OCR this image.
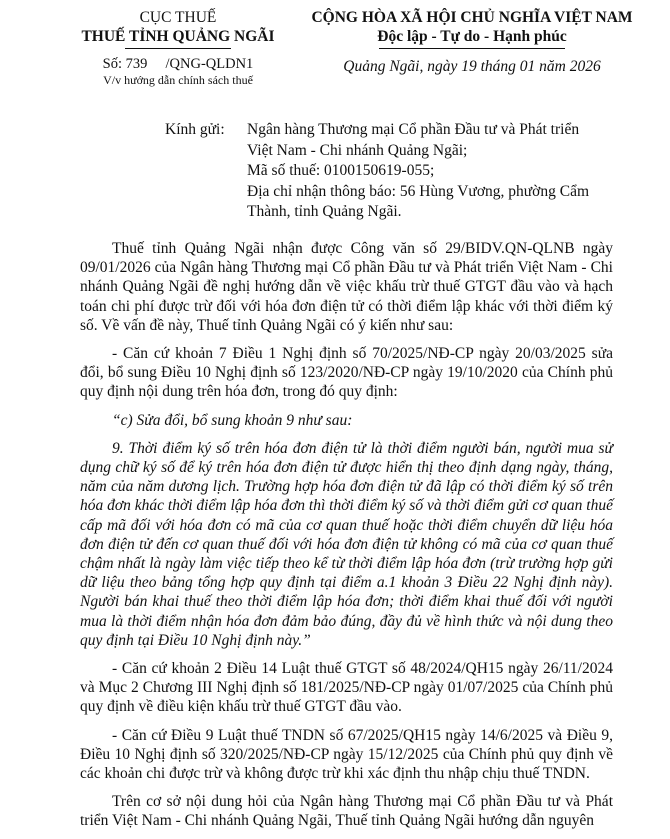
CỤC THUẾ
THUẾ TỈNH QUẢNG NGÃI
Số: 739     /QNG-QLDN1
V/v hướng dẫn chính sách thuế
CỘNG HÒA XÃ HỘI CHỦ NGHĨA VIỆT NAM
Độc lập - Tự do - Hạnh phúc
Quảng Ngãi, ngày 19 tháng 01 năm 2026
Kính gửi: Ngân hàng Thương mại Cổ phần Đầu tư và Phát triển
Việt Nam - Chi nhánh Quảng Ngãi;
Mã số thuế: 0100150619-055;
Địa chỉ nhận thông báo: 56 Hùng Vương, phường Cẩm
Thành, tỉnh Quảng Ngãi.

Thuế tỉnh Quảng Ngãi nhận được Công văn số 29/BIDV.QN-QLNB ngày 09/01/2026 của Ngân hàng Thương mại Cổ phần Đầu tư và Phát triển Việt Nam - Chi nhánh Quảng Ngãi đề nghị hướng dẫn về việc khấu trừ thuế GTGT đầu vào và hạch toán chi phí được trừ đối với hóa đơn điện tử có thời điểm lập khác với thời điểm ký số. Về vấn đề này, Thuế tỉnh Quảng Ngãi có ý kiến như sau:

- Căn cứ khoản 7 Điều 1 Nghị định số 70/2025/NĐ-CP ngày 20/03/2025 sửa đổi, bổ sung Điều 10 Nghị định số 123/2020/NĐ-CP ngày 19/10/2020 của Chính phủ quy định nội dung trên hóa đơn, trong đó quy định:

“c) Sửa đổi, bổ sung khoản 9 như sau:

9. Thời điểm ký số trên hóa đơn điện tử là thời điểm người bán, người mua sử dụng chữ ký số để ký trên hóa đơn điện tử được hiển thị theo định dạng ngày, tháng, năm của năm dương lịch. Trường hợp hóa đơn điện tử đã lập có thời điểm ký số trên hóa đơn khác thời điểm lập hóa đơn thì thời điểm ký số và thời điểm gửi cơ quan thuế cấp mã đối với hóa đơn có mã của cơ quan thuế hoặc thời điểm chuyển dữ liệu hóa đơn điện tử đến cơ quan thuế đối với hóa đơn điện tử không có mã của cơ quan thuế chậm nhất là ngày làm việc tiếp theo kể từ thời điểm lập hóa đơn (trừ trường hợp gửi dữ liệu theo bảng tổng hợp quy định tại điểm a.1 khoản 3 Điều 22 Nghị định này). Người bán khai thuế theo thời điểm lập hóa đơn; thời điểm khai thuế đối với người mua là thời điểm nhận hóa đơn đảm bảo đúng, đầy đủ về hình thức và nội dung theo quy định tại Điều 10 Nghị định này.”

- Căn cứ khoản 2 Điều 14 Luật thuế GTGT số 48/2024/QH15 ngày 26/11/2024 và Mục 2 Chương III Nghị định số 181/2025/NĐ-CP ngày 01/07/2025 của Chính phủ quy định về điều kiện khấu trừ thuế GTGT đầu vào.

- Căn cứ Điều 9 Luật thuế TNDN số 67/2025/QH15 ngày 14/6/2025 và Điều 9, Điều 10 Nghị định số 320/2025/NĐ-CP ngày 15/12/2025 của Chính phủ quy định về các khoản chi được trừ và không được trừ khi xác định thu nhập chịu thuế TNDN.

Trên cơ sở nội dung hỏi của Ngân hàng Thương mại Cổ phần Đầu tư và Phát triển Việt Nam - Chi nhánh Quảng Ngãi, Thuế tỉnh Quảng Ngãi hướng dẫn nguyên
